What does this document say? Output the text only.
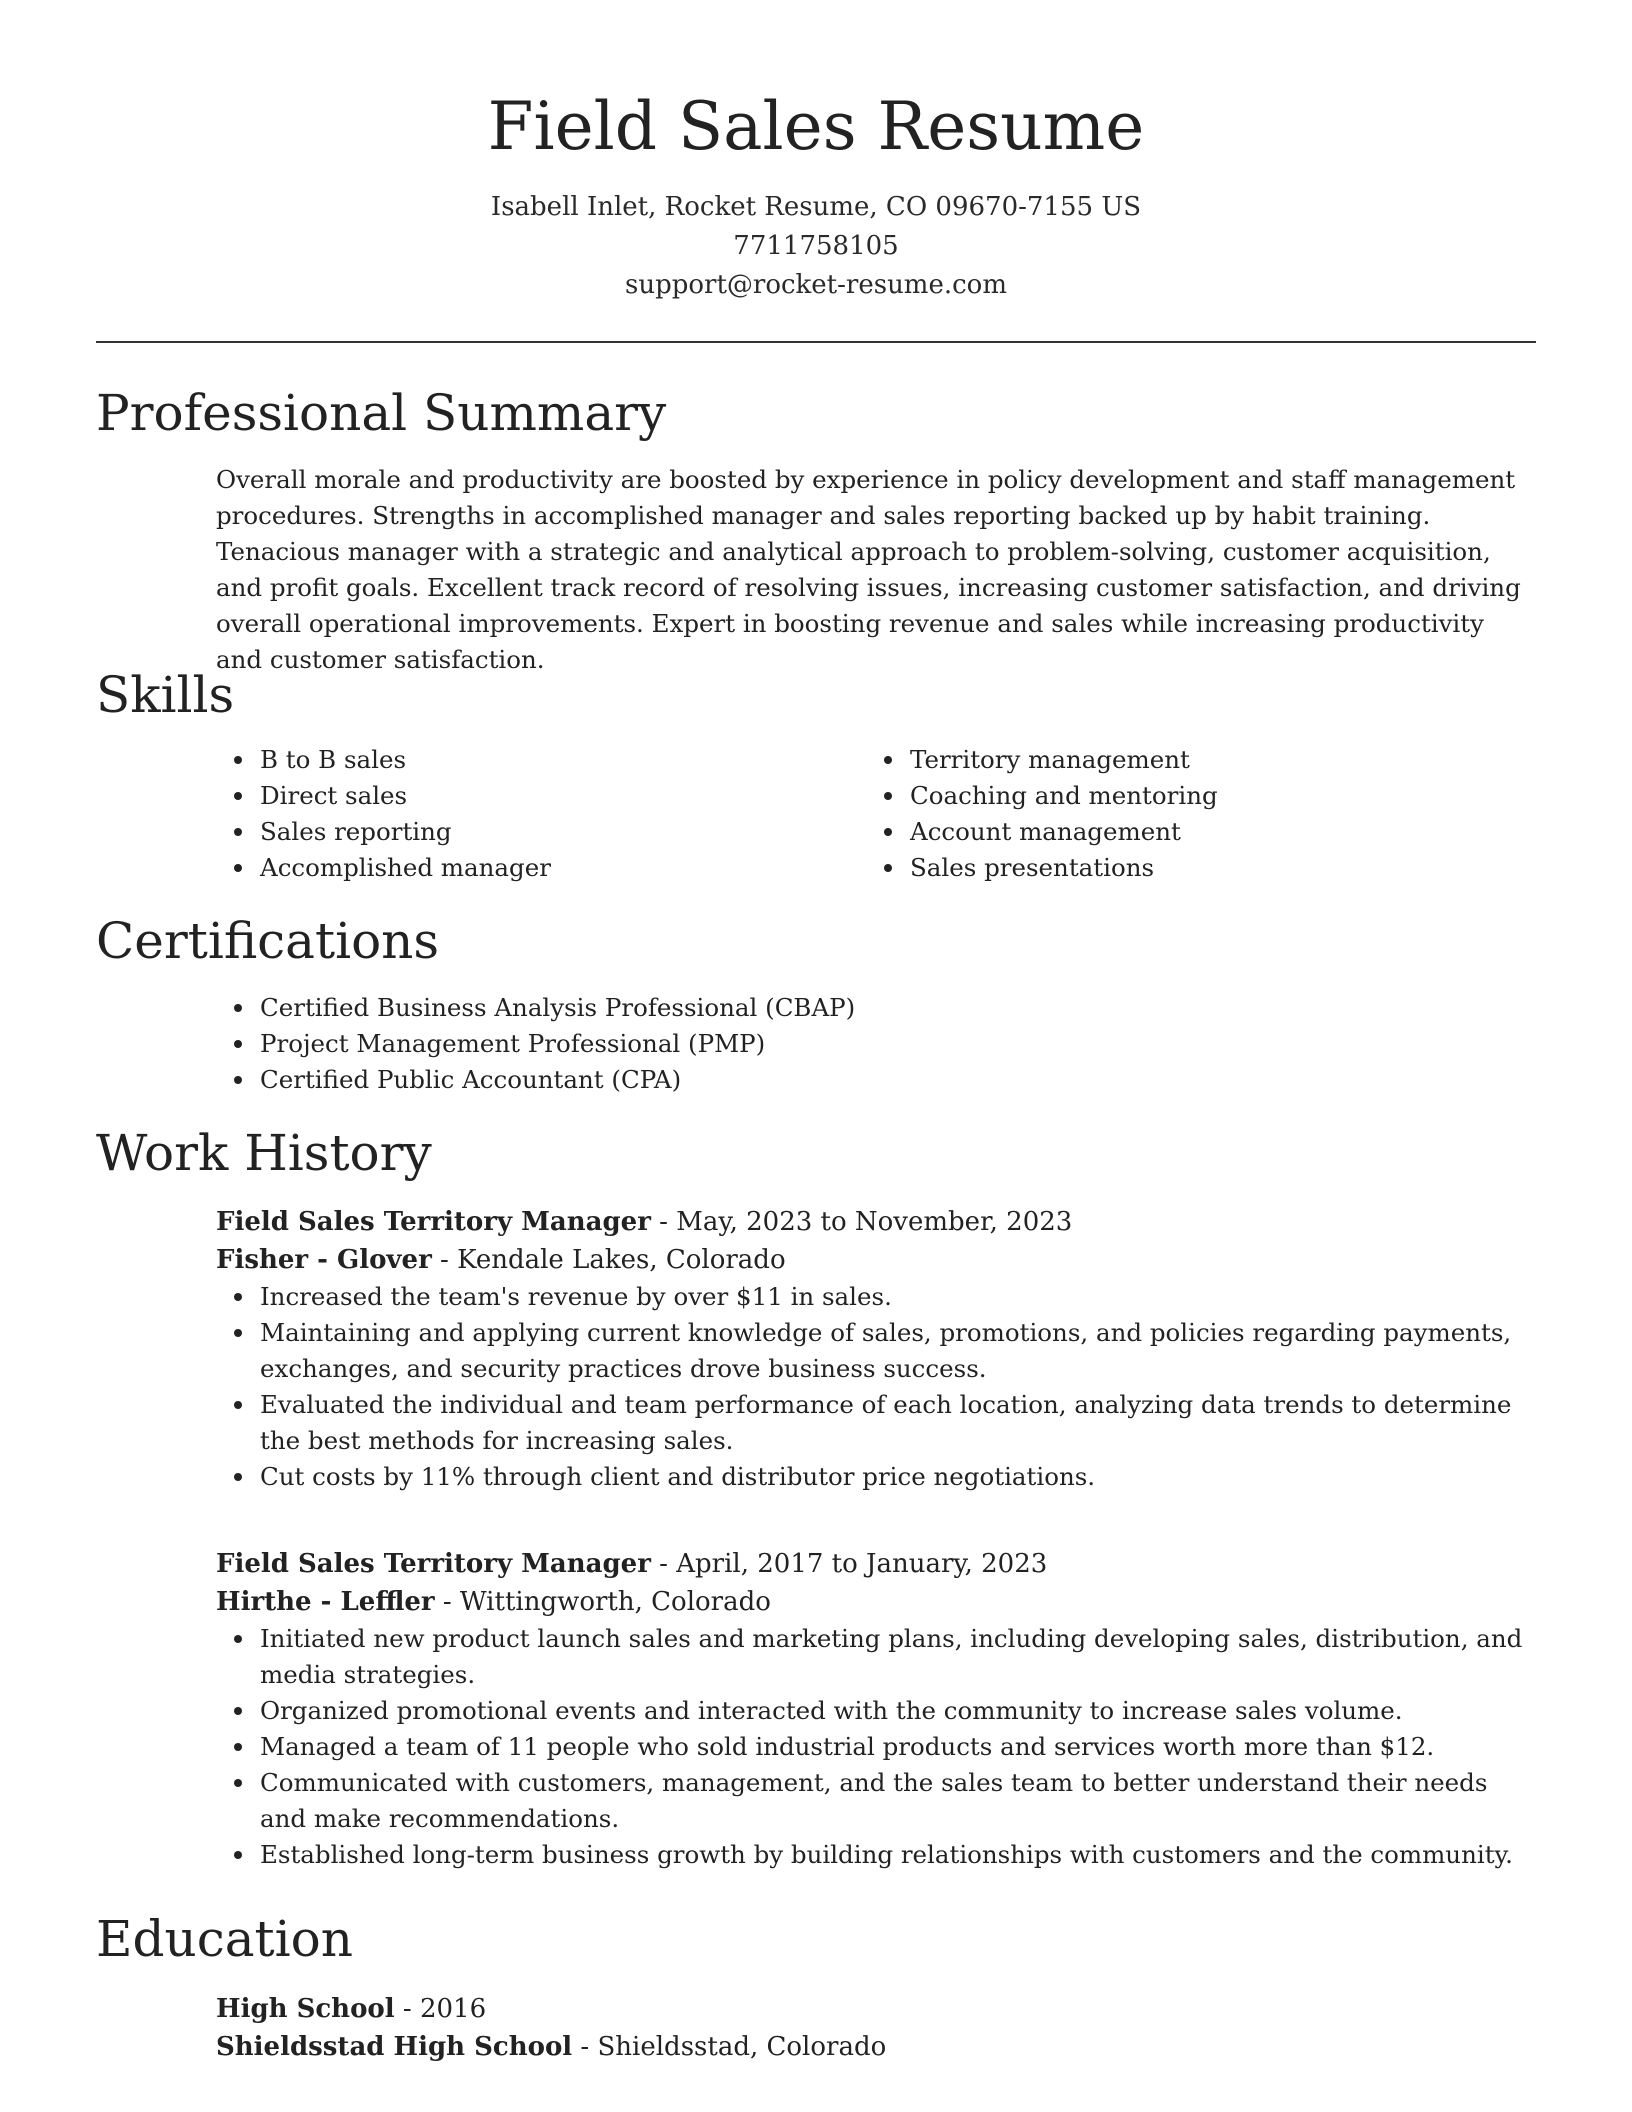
Field Sales Resume
Isabell Inlet, Rocket Resume, CO 09670-7155 US
7711758105
support@rocket-resume.com
Professional Summary
Overall morale and productivity are boosted by experience in policy development and staff management procedures. Strengths in accomplished manager and sales reporting backed up by habit training. Tenacious manager with a strategic and analytical approach to problem-solving, customer acquisition, and profit goals. Excellent track record of resolving issues, increasing customer satisfaction, and driving overall operational improvements. Expert in boosting revenue and sales while increasing productivity and customer satisfaction.
Skills
B to B sales
Direct sales
Sales reporting
Accomplished manager
Territory management
Coaching and mentoring
Account management
Sales presentations
Certifications
Certified Business Analysis Professional (CBAP)
Project Management Professional (PMP)
Certified Public Accountant (CPA)
Work History
Field Sales Territory Manager - May, 2023 to November, 2023
Fisher - Glover - Kendale Lakes, Colorado
Increased the team's revenue by over $11 in sales.
Maintaining and applying current knowledge of sales, promotions, and policies regarding payments, exchanges, and security practices drove business success.
Evaluated the individual and team performance of each location, analyzing data trends to determine the best methods for increasing sales.
Cut costs by 11% through client and distributor price negotiations.
Field Sales Territory Manager - April, 2017 to January, 2023
Hirthe - Leffler - Wittingworth, Colorado
Initiated new product launch sales and marketing plans, including developing sales, distribution, and media strategies.
Organized promotional events and interacted with the community to increase sales volume.
Managed a team of 11 people who sold industrial products and services worth more than $12.
Communicated with customers, management, and the sales team to better understand their needs and make recommendations.
Established long-term business growth by building relationships with customers and the community.
Education
High School - 2016
Shieldsstad High School - Shieldsstad, Colorado
